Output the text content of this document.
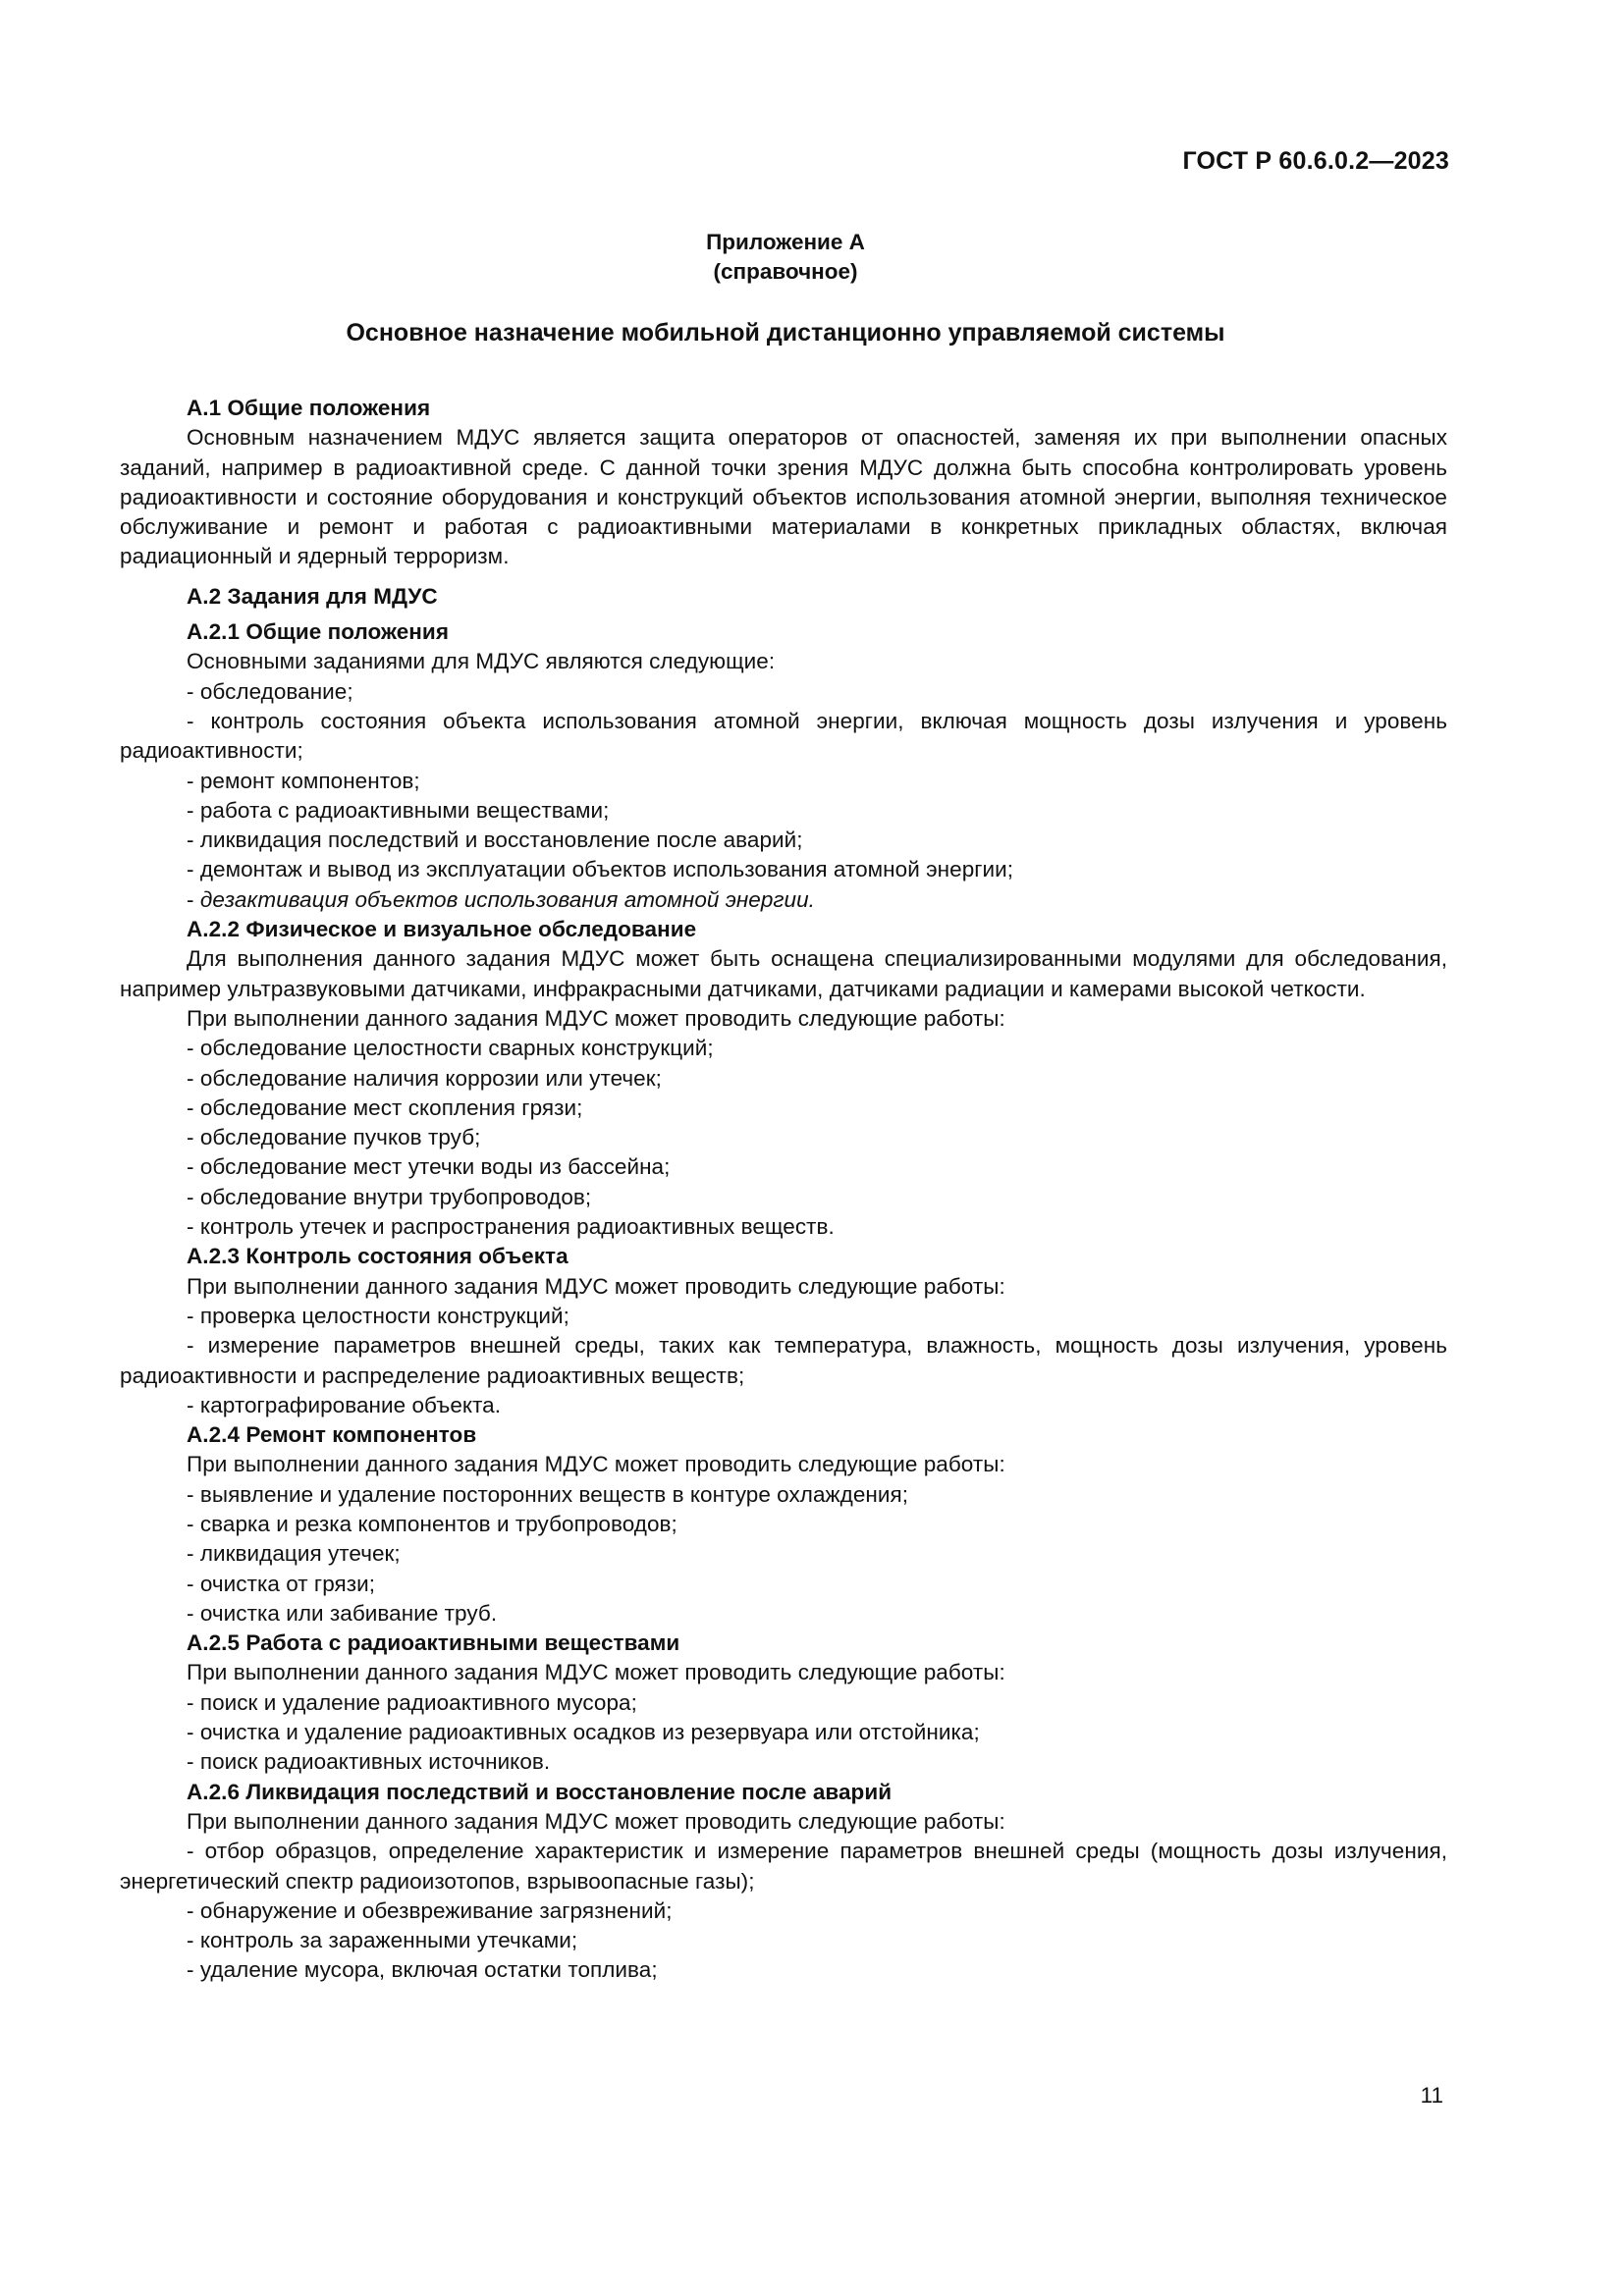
ГОСТ Р 60.6.0.2—2023
Приложение А
(справочное)
Основное назначение мобильной дистанционно управляемой системы

А.1 Общие положения

Основным назначением МДУС является защита операторов от опасностей, заменяя их при выполнении опасных заданий, например в радиоактивной среде. С данной точки зрения МДУС должна быть способна контролировать уровень радиоактивности и состояние оборудования и конструкций объектов использования атомной энергии, выполняя техническое обслуживание и ремонт и работая с радиоактивными материалами в конкретных прикладных областях, включая радиационный и ядерный терроризм.

А.2 Задания для МДУС

А.2.1 Общие положения

Основными заданиями для МДУС являются следующие:

- обследование;

- контроль состояния объекта использования атомной энергии, включая мощность дозы излучения и уровень радиоактивности;

- ремонт компонентов;

- работа с радиоактивными веществами;

- ликвидация последствий и восстановление после аварий;

- демонтаж и вывод из эксплуатации объектов использования атомной энергии;

- дезактивация объектов использования атомной энергии.

А.2.2 Физическое и визуальное обследование

Для выполнения данного задания МДУС может быть оснащена специализированными модулями для обследования, например ультразвуковыми датчиками, инфракрасными датчиками, датчиками радиации и камерами высокой четкости.

При выполнении данного задания МДУС может проводить следующие работы:

- обследование целостности сварных конструкций;

- обследование наличия коррозии или утечек;

- обследование мест скопления грязи;

- обследование пучков труб;

- обследование мест утечки воды из бассейна;

- обследование внутри трубопроводов;

- контроль утечек и распространения радиоактивных веществ.

А.2.3 Контроль состояния объекта

При выполнении данного задания МДУС может проводить следующие работы:

- проверка целостности конструкций;

- измерение параметров внешней среды, таких как температура, влажность, мощность дозы излучения, уровень радиоактивности и распределение радиоактивных веществ;

- картографирование объекта.

А.2.4 Ремонт компонентов

При выполнении данного задания МДУС может проводить следующие работы:

- выявление и удаление посторонних веществ в контуре охлаждения;

- сварка и резка компонентов и трубопроводов;

- ликвидация утечек;

- очистка от грязи;

- очистка или забивание труб.

А.2.5 Работа с радиоактивными веществами

При выполнении данного задания МДУС может проводить следующие работы:

- поиск и удаление радиоактивного мусора;

- очистка и удаление радиоактивных осадков из резервуара или отстойника;

- поиск радиоактивных источников.

А.2.6 Ликвидация последствий и восстановление после аварий

При выполнении данного задания МДУС может проводить следующие работы:

- отбор образцов, определение характеристик и измерение параметров внешней среды (мощность дозы излучения, энергетический спектр радиоизотопов, взрывоопасные газы);

- обнаружение и обезвреживание загрязнений;

- контроль за зараженными утечками;

- удаление мусора, включая остатки топлива;

11
